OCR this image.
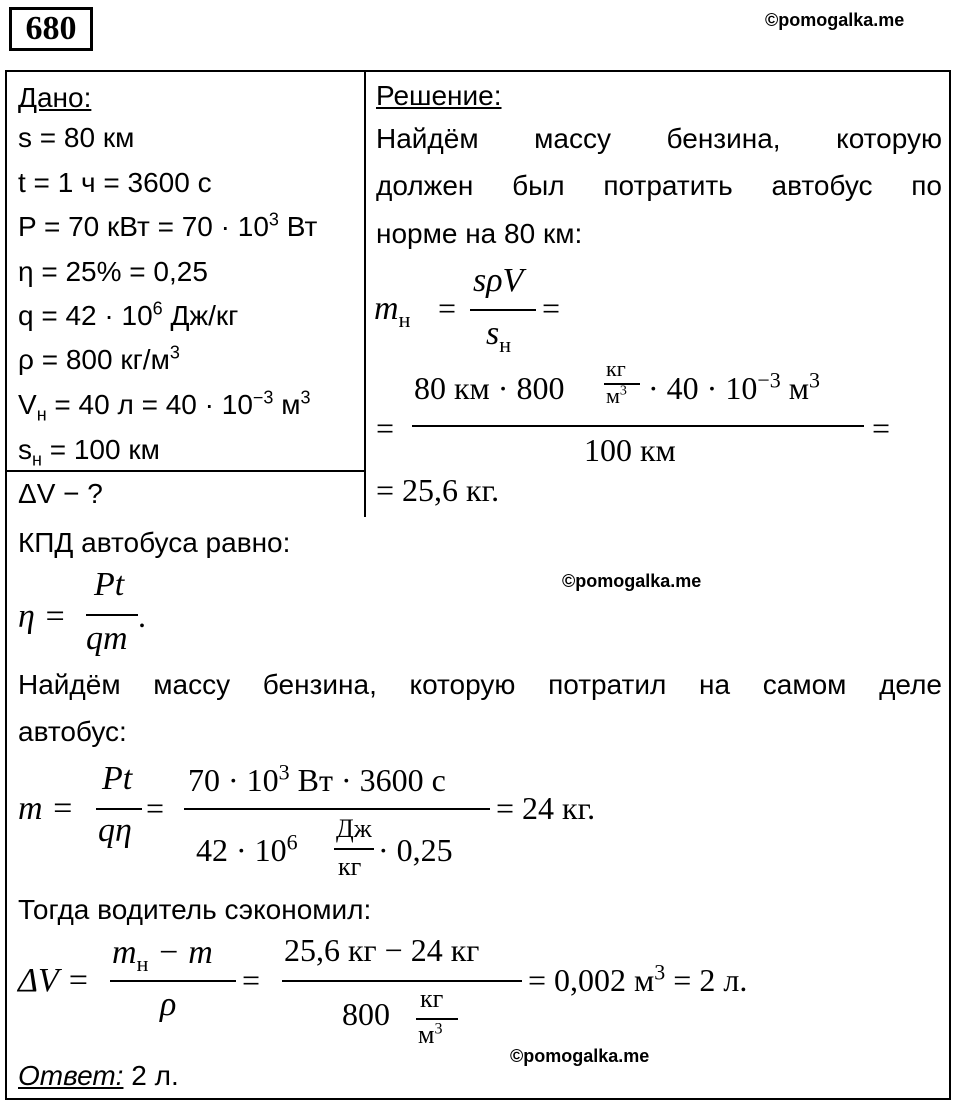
680	©pomogalka.me
Дано:
s = 80 км
t = 1 ч = 3600 с
P = 70 кВт = $70 \cdot 10^3$ Вт
η = 25% = 0,25
$q = 42 \cdot 10^6$ Дж/кг
ρ = 800 $кг/м^3$
$V_н = 40$ $л = 40 \cdot 10^{-3}$ $м^3$
$s_н = 100$ км
ΔV − ?
Решение:
Найдём массу бензина, которую
должен был потратить автобус по
норме на 80 км:
$m_н$ =
sρV
$s_н$
=
=
80 км · 800
кг
$м^3 \cdot 40 \cdot 10^{-3}$ $м^3$
100 км
=
= 25,6 кг.
КПД автобуса равно:
©pomogalka.me
η =
Pt
qm
.
Найдём массу бензина, которую потратил на самом деле
автобус:
m =
Pt
qη
=
$70 \cdot 10^3$ Вт · 3600 с
$42 \cdot 10^6$ Дж
кг · 0,25
= 24 кг.
Тогда водитель сэкономил:
ΔV =
$m_н - m$
ρ
=
25,6 кг − 24 кг
800 кг
$м^3$
= 0,002 $м^3 = 2$ л.
©pomogalka.me
Ответ: 2 л.
